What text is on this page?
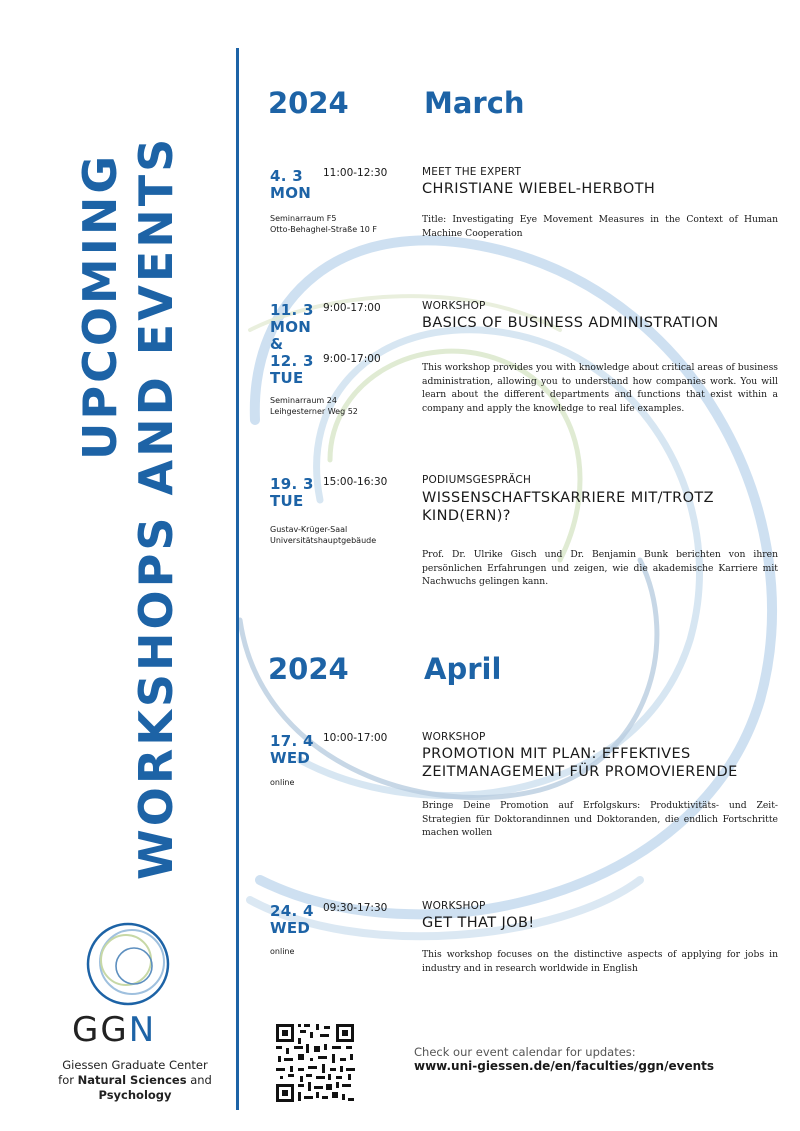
UPCOMING WORKSHOPS AND EVENTS
2024	March
4. 3
MON
11:00-12:30
Seminarraum F5
Otto-Behaghel-Straße 10 F
MEET THE EXPERT
CHRISTIANE WIEBEL-HERBOTH
Title: Investigating Eye Movement Measures in the Context of Human Machine Cooperation
11. 3
MON
&
12. 3
TUE
9:00-17:00
9:00-17:00
Seminarraum 24
Leihgesterner Weg 52
WORKSHOP
BASICS OF BUSINESS ADMINISTRATION
This workshop provides you with knowledge about critical areas of business administration, allowing you to understand how companies work. You will learn about the different departments and functions that exist within a company and apply the knowledge to real life examples.
19. 3
TUE
15:00-16:30
Gustav-Krüger-Saal
Universitätshauptgebäude
PODIUMSGESPRÄCH
WISSENSCHAFTSKARRIERE MIT/TROTZ KIND(ERN)?
Prof. Dr. Ulrike Gisch und Dr. Benjamin Bunk berichten von ihren persönlichen Erfahrungen und zeigen, wie die akademische Karriere mit Nachwuchs gelingen kann.
2024	April
17. 4
WED
10:00-17:00
online
WORKSHOP
PROMOTION MIT PLAN: EFFEKTIVES ZEITMANAGEMENT FÜR PROMOVIERENDE
Bringe Deine Promotion auf Erfolgskurs: Produktivitäts- und Zeit-Strategien für Doktorandinnen und Doktoranden, die endlich Fortschritte machen wollen
24. 4
WED
09:30-17:30
online
WORKSHOP
GET THAT JOB!
This workshop focuses on the distinctive aspects of applying for jobs in industry and in research worldwide in English
GGN
Giessen Graduate Center
for Natural Sciences and
Psychology
Check our event calendar for updates:
www.uni-giessen.de/en/faculties/ggn/events
